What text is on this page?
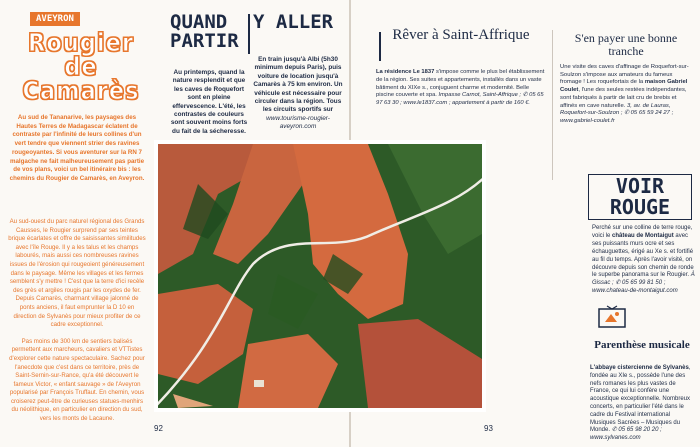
AVEYRON
Rougier de Camarès
Au sud de Tananarive, les paysages des Hautes Terres de Madagascar éclatent de contraste par l'infinité de leurs collines d'un vert tendre que viennent strier des ravines rougeoyantes. Si vous aventurer sur la RN 7 malgache ne fait malheureusement pas partie de vos plans, voici un bel itinéraire bis : les chemins du Rougier de Camarès, en Aveyron.

Au sud-ouest du parc naturel régional des Grands Causses, le Rougier surprend par ses teintes brique écarlates et offre de saisissantes similitudes avec l'île Rouge. Il y a les talus et les champs labourés, mais aussi ces nombreuses ravines issues de l'érosion qui rougeoient généreusement dans le paysage. Même les villages et les fermes semblent s'y mettre ! C'est que la terre d'ici recèle des grès et argiles rougis par les oxydes de fer. Depuis Camarès, charmant village jalonné de ponts anciens, il faut emprunter la D 10 en direction de Sylvanès pour mieux profiter de ce cadre exceptionnel.

Pas moins de 300 km de sentiers balisés permettent aux marcheurs, cavaliers et VTTistes d'explorer cette nature spectaculaire. Sachez pour l'anecdote que c'est dans ce territoire, près de Saint-Sernin-sur-Rance, qu'a été découvert le fameux Victor, « enfant sauvage » de l'Aveyron popularisé par François Truffaut. En chemin, vous croiserez peut-être de curieuses statues-menhirs du néolithique, en particulier en direction du sud, vers les monts de Lacaune.

QUAND PARTIR
Au printemps, quand la nature resplendit et que les caves de Roquefort sont en pleine effervescence. L'été, les contrastes de couleurs sont souvent moins forts du fait de la sécheresse.
Y ALLER
En train jusqu'à Albi (5h30 minimum depuis Paris), puis voiture de location jusqu'à Camarès à 75 km environ. Un véhicule est nécessaire pour circuler dans la région. Tous les circuits sportifs sur www.tourisme-rougier-aveyron.com
92
Rêver à Saint-Affrique
La résidence Le 1837 s'impose comme le plus bel établissement de la région. Ses suites et appartements, installés dans un vaste bâtiment du XIXe s., conjuguent charme et modernité. Belle piscine couverte et spa. Impasse Carnot, Saint-Affrique ; ✆ 05 65 97 63 30 ; www.le1837.com ; appartement à partir de 160 €.
S'en payer une bonne tranche
Une visite des caves d'affinage de Roquefort-sur-Soulzon s'impose aux amateurs du fameux fromage ! Les roquefortais de la maison Gabriel Coulet, l'une des seules restées indépendantes, sont fabriqués à partir de lait cru de brebis et affinés en cave naturelle. 3, av. de Lauras, Roquefort-sur-Soulzon ; ✆ 05 65 59 24 27 ; www.gabriel-coulet.fr
VOIR ROUGE
Perché sur une colline de terre rouge, voici le château de Montaigut avec ses puissants murs ocre et ses échauguettes, érigé au Xe s. et fortifié au fil du temps. Après l'avoir visité, on découvre depuis son chemin de ronde le superbe panorama sur le Rougier. À Gissac ; ✆ 05 65 99 81 50 ; www.chateau-de-montaigut.com
Parenthèse musicale
L'abbaye cistercienne de Sylvanès, fondée au XIe s., possède l'une des nefs romanes les plus vastes de France, ce qui lui confère une acoustique exceptionnelle. Nombreux concerts, en particulier l'été dans le cadre du Festival international Musiques Sacrées – Musiques du Monde. ✆ 05 65 98 20 20 ; www.sylvanes.com
93
